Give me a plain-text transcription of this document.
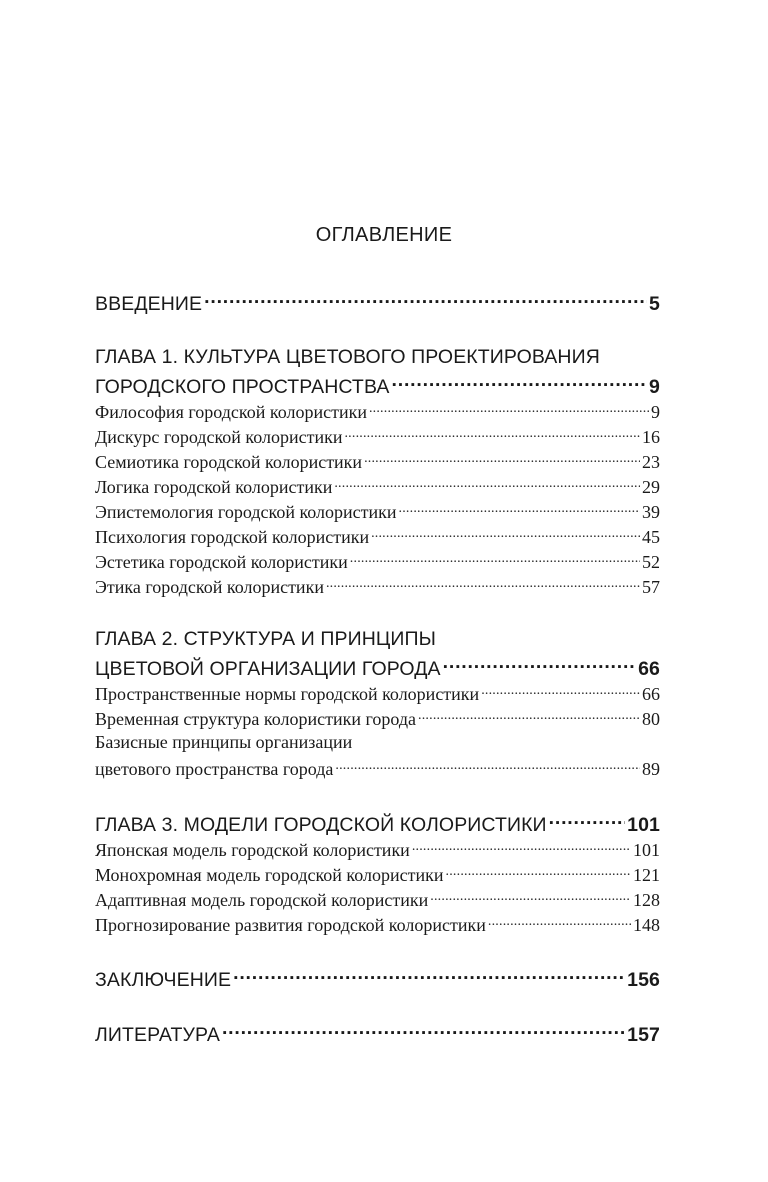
ОГЛАВЛЕНИЕ
ВВЕДЕНИЕ .....	5
ГЛАВА 1. КУЛЬТУРА ЦВЕТОВОГО ПРОЕКТИРОВАНИЯ
ГОРОДСКОГО ПРОСТРАНСТВА .....	9
Философия городской колористики .....	9
Дискурс городской колористики .....	16
Семиотика городской колористики .....	23
Логика городской колористики .....	29
Эпистемология городской колористики .....	39
Психология городской колористики .....	45
Эстетика городской колористики .....	52
Этика городской колористики .....	57
ГЛАВА 2. СТРУКТУРА И ПРИНЦИПЫ
ЦВЕТОВОЙ ОРГАНИЗАЦИИ ГОРОДА .....	66
Пространственные нормы городской колористики .....	66
Временная структура колористики города .....	80
Базисные принципы организации
цветового пространства города .....	89
ГЛАВА 3. МОДЕЛИ ГОРОДСКОЙ КОЛОРИСТИКИ .....	101
Японская модель городской колористики .....	101
Монохромная модель городской колористики .....	121
Адаптивная модель городской колористики .....	128
Прогнозирование развития городской колористики .....	148
ЗАКЛЮЧЕНИЕ .....	156
ЛИТЕРАТУРА .....	157
